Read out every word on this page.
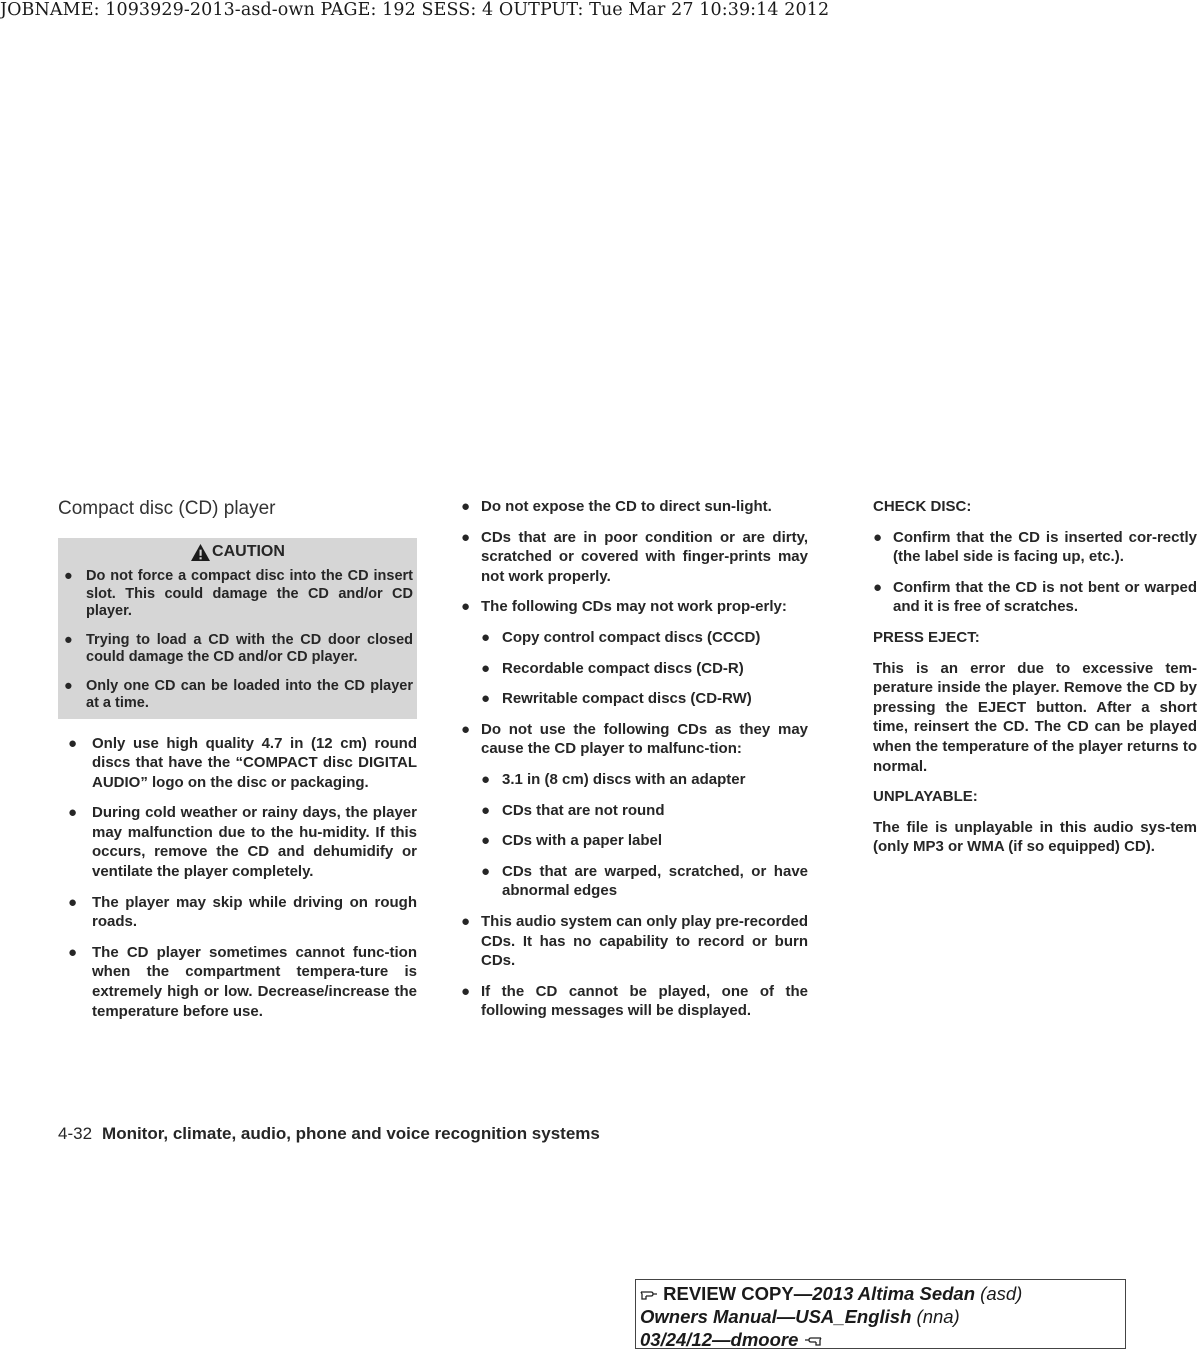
JOBNAME: 1093929-2013-asd-own PAGE: 192 SESS: 4 OUTPUT: Tue Mar 27 10:39:14 2012
Compact disc (CD) player
CAUTION
● Do not force a compact disc into the CD insert slot. This could damage the CD and/or CD player.
● Trying to load a CD with the CD door closed could damage the CD and/or CD player.
● Only one CD can be loaded into the CD player at a time.
● Only use high quality 4.7 in (12 cm) round discs that have the “COMPACT disc DIGITAL AUDIO” logo on the disc or packaging.
● During cold weather or rainy days, the player may malfunction due to the hu-midity. If this occurs, remove the CD and dehumidify or ventilate the player completely.
● The player may skip while driving on rough roads.
● The CD player sometimes cannot func-tion when the compartment tempera-ture is extremely high or low. Decrease/increase the temperature before use.
● Do not expose the CD to direct sun-light.
● CDs that are in poor condition or are dirty, scratched or covered with finger-prints may not work properly.
● The following CDs may not work prop-erly:
● Copy control compact discs (CCCD)
● Recordable compact discs (CD-R)
● Rewritable compact discs (CD-RW)
● Do not use the following CDs as they may cause the CD player to malfunc-tion:
● 3.1 in (8 cm) discs with an adapter
● CDs that are not round
● CDs with a paper label
● CDs that are warped, scratched, or have abnormal edges
● This audio system can only play pre-recorded CDs. It has no capability to record or burn CDs.
● If the CD cannot be played, one of the following messages will be displayed.
CHECK DISC:
● Confirm that the CD is inserted cor-rectly (the label side is facing up, etc.).
● Confirm that the CD is not bent or warped and it is free of scratches.
PRESS EJECT:
This is an error due to excessive tem-perature inside the player. Remove the CD by pressing the EJECT button. After a short time, reinsert the CD. The CD can be played when the temperature of the player returns to normal.
UNPLAYABLE:
The file is unplayable in this audio sys-tem (only MP3 or WMA (if so equipped) CD).
4-32 Monitor, climate, audio, phone and voice recognition systems
REVIEW COPY—2013 Altima Sedan (asd)
Owners Manual—USA_English (nna)
03/24/12—dmoore
